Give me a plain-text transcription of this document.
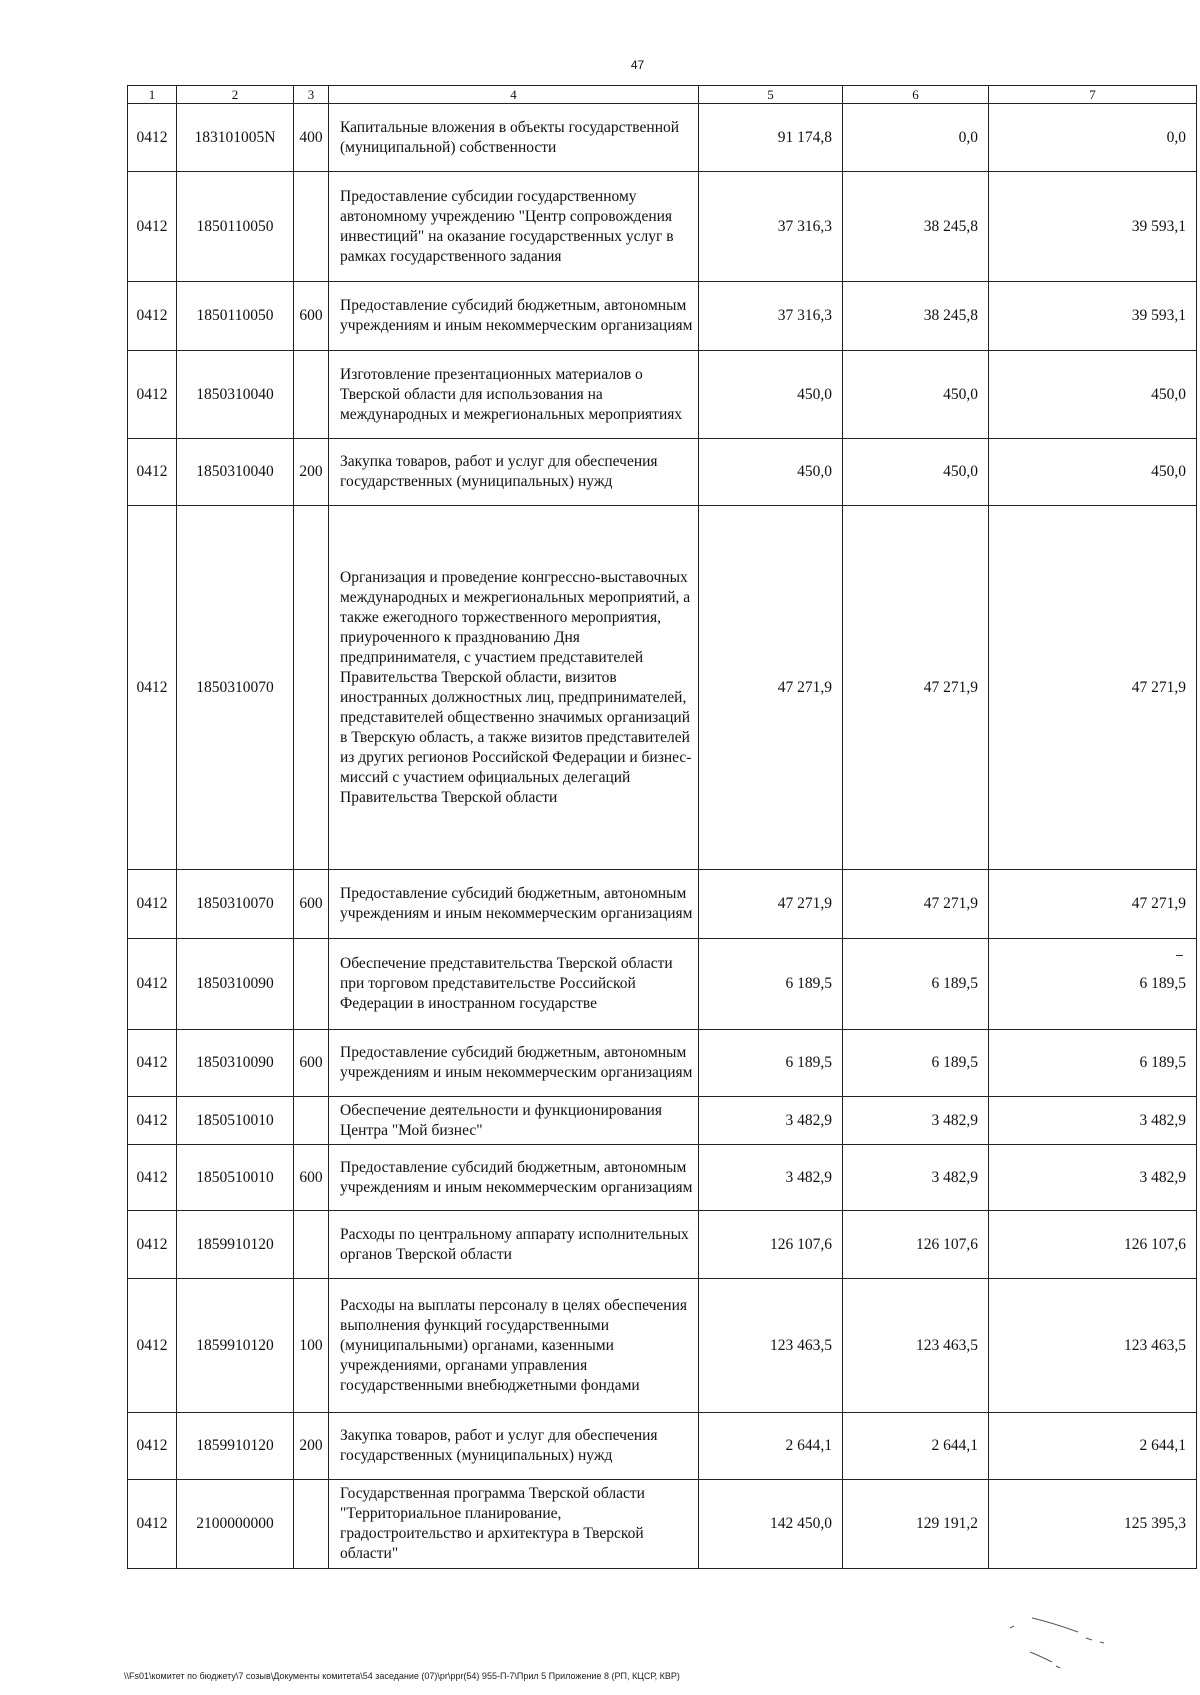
47
1	2	3	4	5	6	7
0412	183101005N	400	Капитальные вложения в объекты государственной (муниципальной) собственности	91 174,8	0,0	0,0
0412	1850110050		Предоставление субсидии государственному автономному учреждению "Центр сопровождения инвестиций" на оказание государственных услуг в рамках государственного задания	37 316,3	38 245,8	39 593,1
0412	1850110050	600	Предоставление субсидий бюджетным, автономным учреждениям и иным некоммерческим организациям	37 316,3	38 245,8	39 593,1
0412	1850310040		Изготовление презентационных материалов о Тверской области для использования на международных и межрегиональных мероприятиях	450,0	450,0	450,0
0412	1850310040	200	Закупка товаров, работ и услуг для обеспечения государственных (муниципальных) нужд	450,0	450,0	450,0
0412	1850310070		Организация и проведение конгрессно-выставочных международных и межрегиональных мероприятий, а также ежегодного торжественного мероприятия, приуроченного к празднованию Дня предпринимателя, с участием представителей Правительства Тверской области, визитов иностранных должностных лиц, предпринимателей, представителей общественно значимых организаций в Тверскую область, а также визитов представителей из других регионов Российской Федерации и бизнес-миссий с участием официальных делегаций Правительства Тверской области	47 271,9	47 271,9	47 271,9
0412	1850310070	600	Предоставление субсидий бюджетным, автономным учреждениям и иным некоммерческим организациям	47 271,9	47 271,9	47 271,9
0412	1850310090		Обеспечение представительства Тверской области при торговом представительстве Российской Федерации в иностранном государстве	6 189,5	6 189,5	6 189,5
0412	1850310090	600	Предоставление субсидий бюджетным, автономным учреждениям и иным некоммерческим организациям	6 189,5	6 189,5	6 189,5
0412	1850510010		Обеспечение деятельности и функционирования Центра "Мой бизнес"	3 482,9	3 482,9	3 482,9
0412	1850510010	600	Предоставление субсидий бюджетным, автономным учреждениям и иным некоммерческим организациям	3 482,9	3 482,9	3 482,9
0412	1859910120		Расходы по центральному аппарату исполнительных органов Тверской области	126 107,6	126 107,6	126 107,6
0412	1859910120	100	Расходы на выплаты персоналу в целях обеспечения выполнения функций государственными (муниципальными) органами, казенными учреждениями, органами управления государственными внебюджетными фондами	123 463,5	123 463,5	123 463,5
0412	1859910120	200	Закупка товаров, работ и услуг для обеспечения государственных (муниципальных) нужд	2 644,1	2 644,1	2 644,1
0412	2100000000		Государственная программа Тверской области "Территориальное планирование, градостроительство и архитектура в Тверской области"	142 450,0	129 191,2	125 395,3
\\Fs01\комитет по бюджету\7 созыв\Документы комитета\54 заседание (07)\pr\ppr(54) 955-П-7\Прил 5 Приложение 8 (РП, КЦСР, КВР)
